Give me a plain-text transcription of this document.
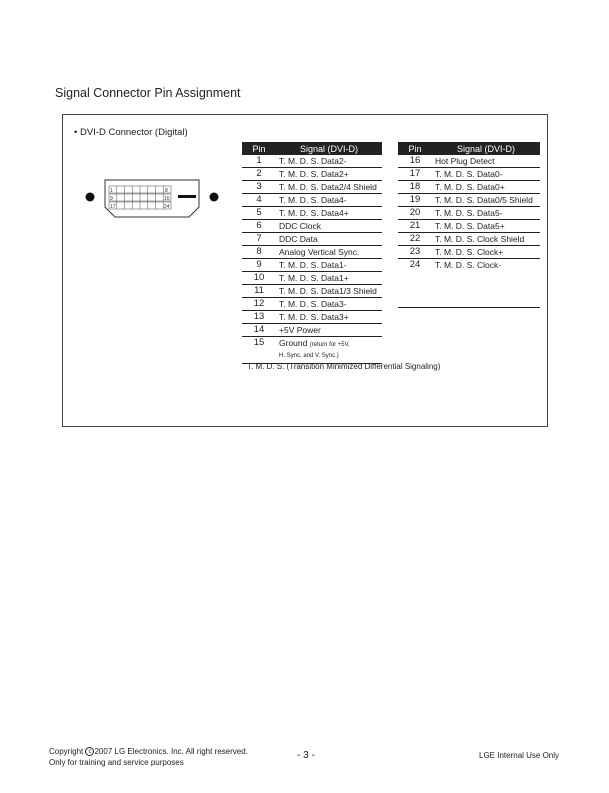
Signal Connector Pin Assignment
• DVI-D Connector (Digital)
1	8
9	16
17	24
Pin	Signal (DVI-D)
1	T. M. D. S. Data2-
2	T. M. D. S. Data2+
3	T. M. D. S. Data2/4 Shield
4	T. M. D. S. Data4-
5	T. M. D. S. Data4+
6	DDC Clock
7	DDC Data
8	Analog Vertical Sync.
9	T. M. D. S. Data1-
10	T. M. D. S. Data1+
11	T. M. D. S. Data1/3 Shield
12	T. M. D. S. Data3-
13	T. M. D. S. Data3+
14	+5V Power
15	Ground (return for +5V,
H. Sync. and V. Sync.)
Pin	Signal (DVI-D)
16	Hot Plug Detect
17	T. M. D. S. Data0-
18	T. M. D. S. Data0+
19	T. M. D. S. Data0/5 Shield
20	T. M. D. S. Data5-
21	T. M. D. S. Data5+
22	T. M. D. S. Clock Shield
23	T. M. D. S. Clock+
24	T. M. D. S. Clock-

T. M. D. S. (Transition Minimized Differential Signaling)
Copyright c 2007 LG Electronics. Inc. All right reserved.
Only for training and service purposes
- 3 -	LGE Internal Use Only
